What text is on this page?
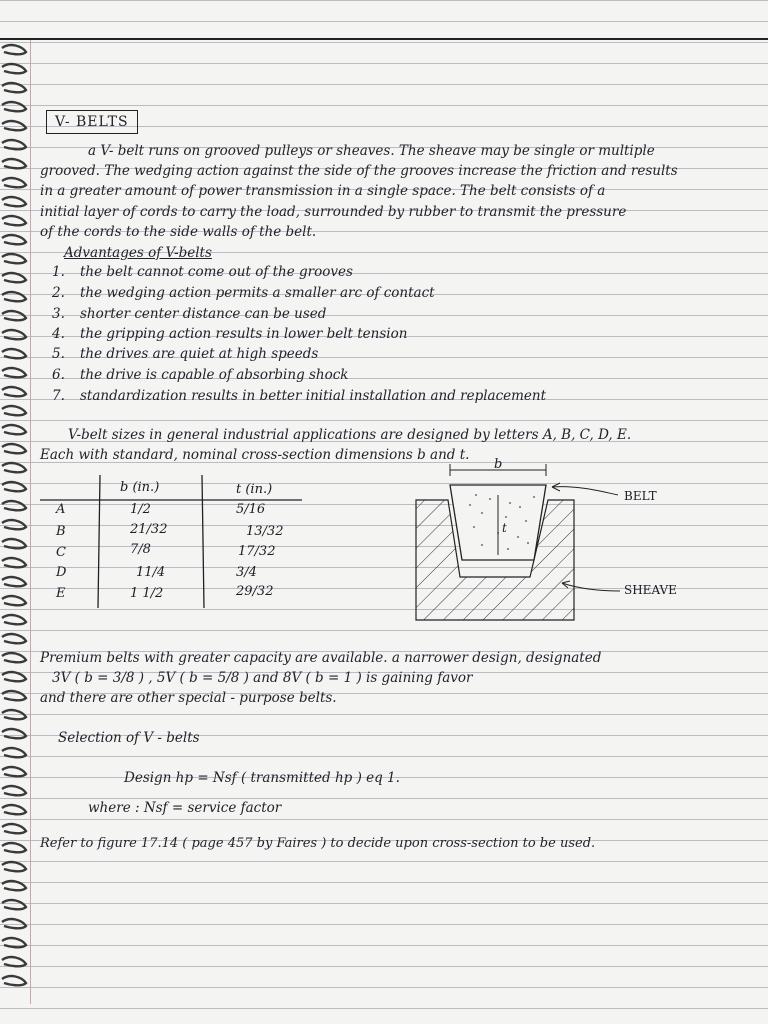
V- BELTS
a V- belt runs on grooved pulleys or sheaves. The sheave may be single or multiple
grooved. The wedging action against the side of the grooves increase the friction and results
in a greater amount of power transmission in a single space. The belt consists of a
initial layer of cords to carry the load, surrounded by rubber to transmit the pressure
of the cords to the side walls of the belt.
Advantages of V-belts
1. the belt cannot come out of the grooves
2. the wedging action permits a smaller arc of contact
3. shorter center distance can be used
4. the gripping action results in lower belt tension
5. the drives are quiet at high speeds
6. the drive is capable of absorbing shock
7. standardization results in better initial installation and replacement
V-belt sizes in general industrial applications are designed by letters A, B, C, D, E.
Each with standard, nominal cross-section dimensions b and t.
b (in.)	t (in.)
A	1/2	5/16
B	21/32	13/32
C	7/8	17/32
D	11/4	3/4
E	1 1/2	29/32
b
t
BELT
SHEAVE
Premium belts with greater capacity are available. a narrower design, designated
3V ( b = 3/8 ) , 5V ( b = 5/8 ) and 8V ( b = 1 ) is gaining favor
and there are other special - purpose belts.
Selection of V - belts
Design hp = Nsf ( transmitted hp ) eq 1.
where : Nsf = service factor
Refer to figure 17.14 ( page 457 by Faires ) to decide upon cross-section to be used.
